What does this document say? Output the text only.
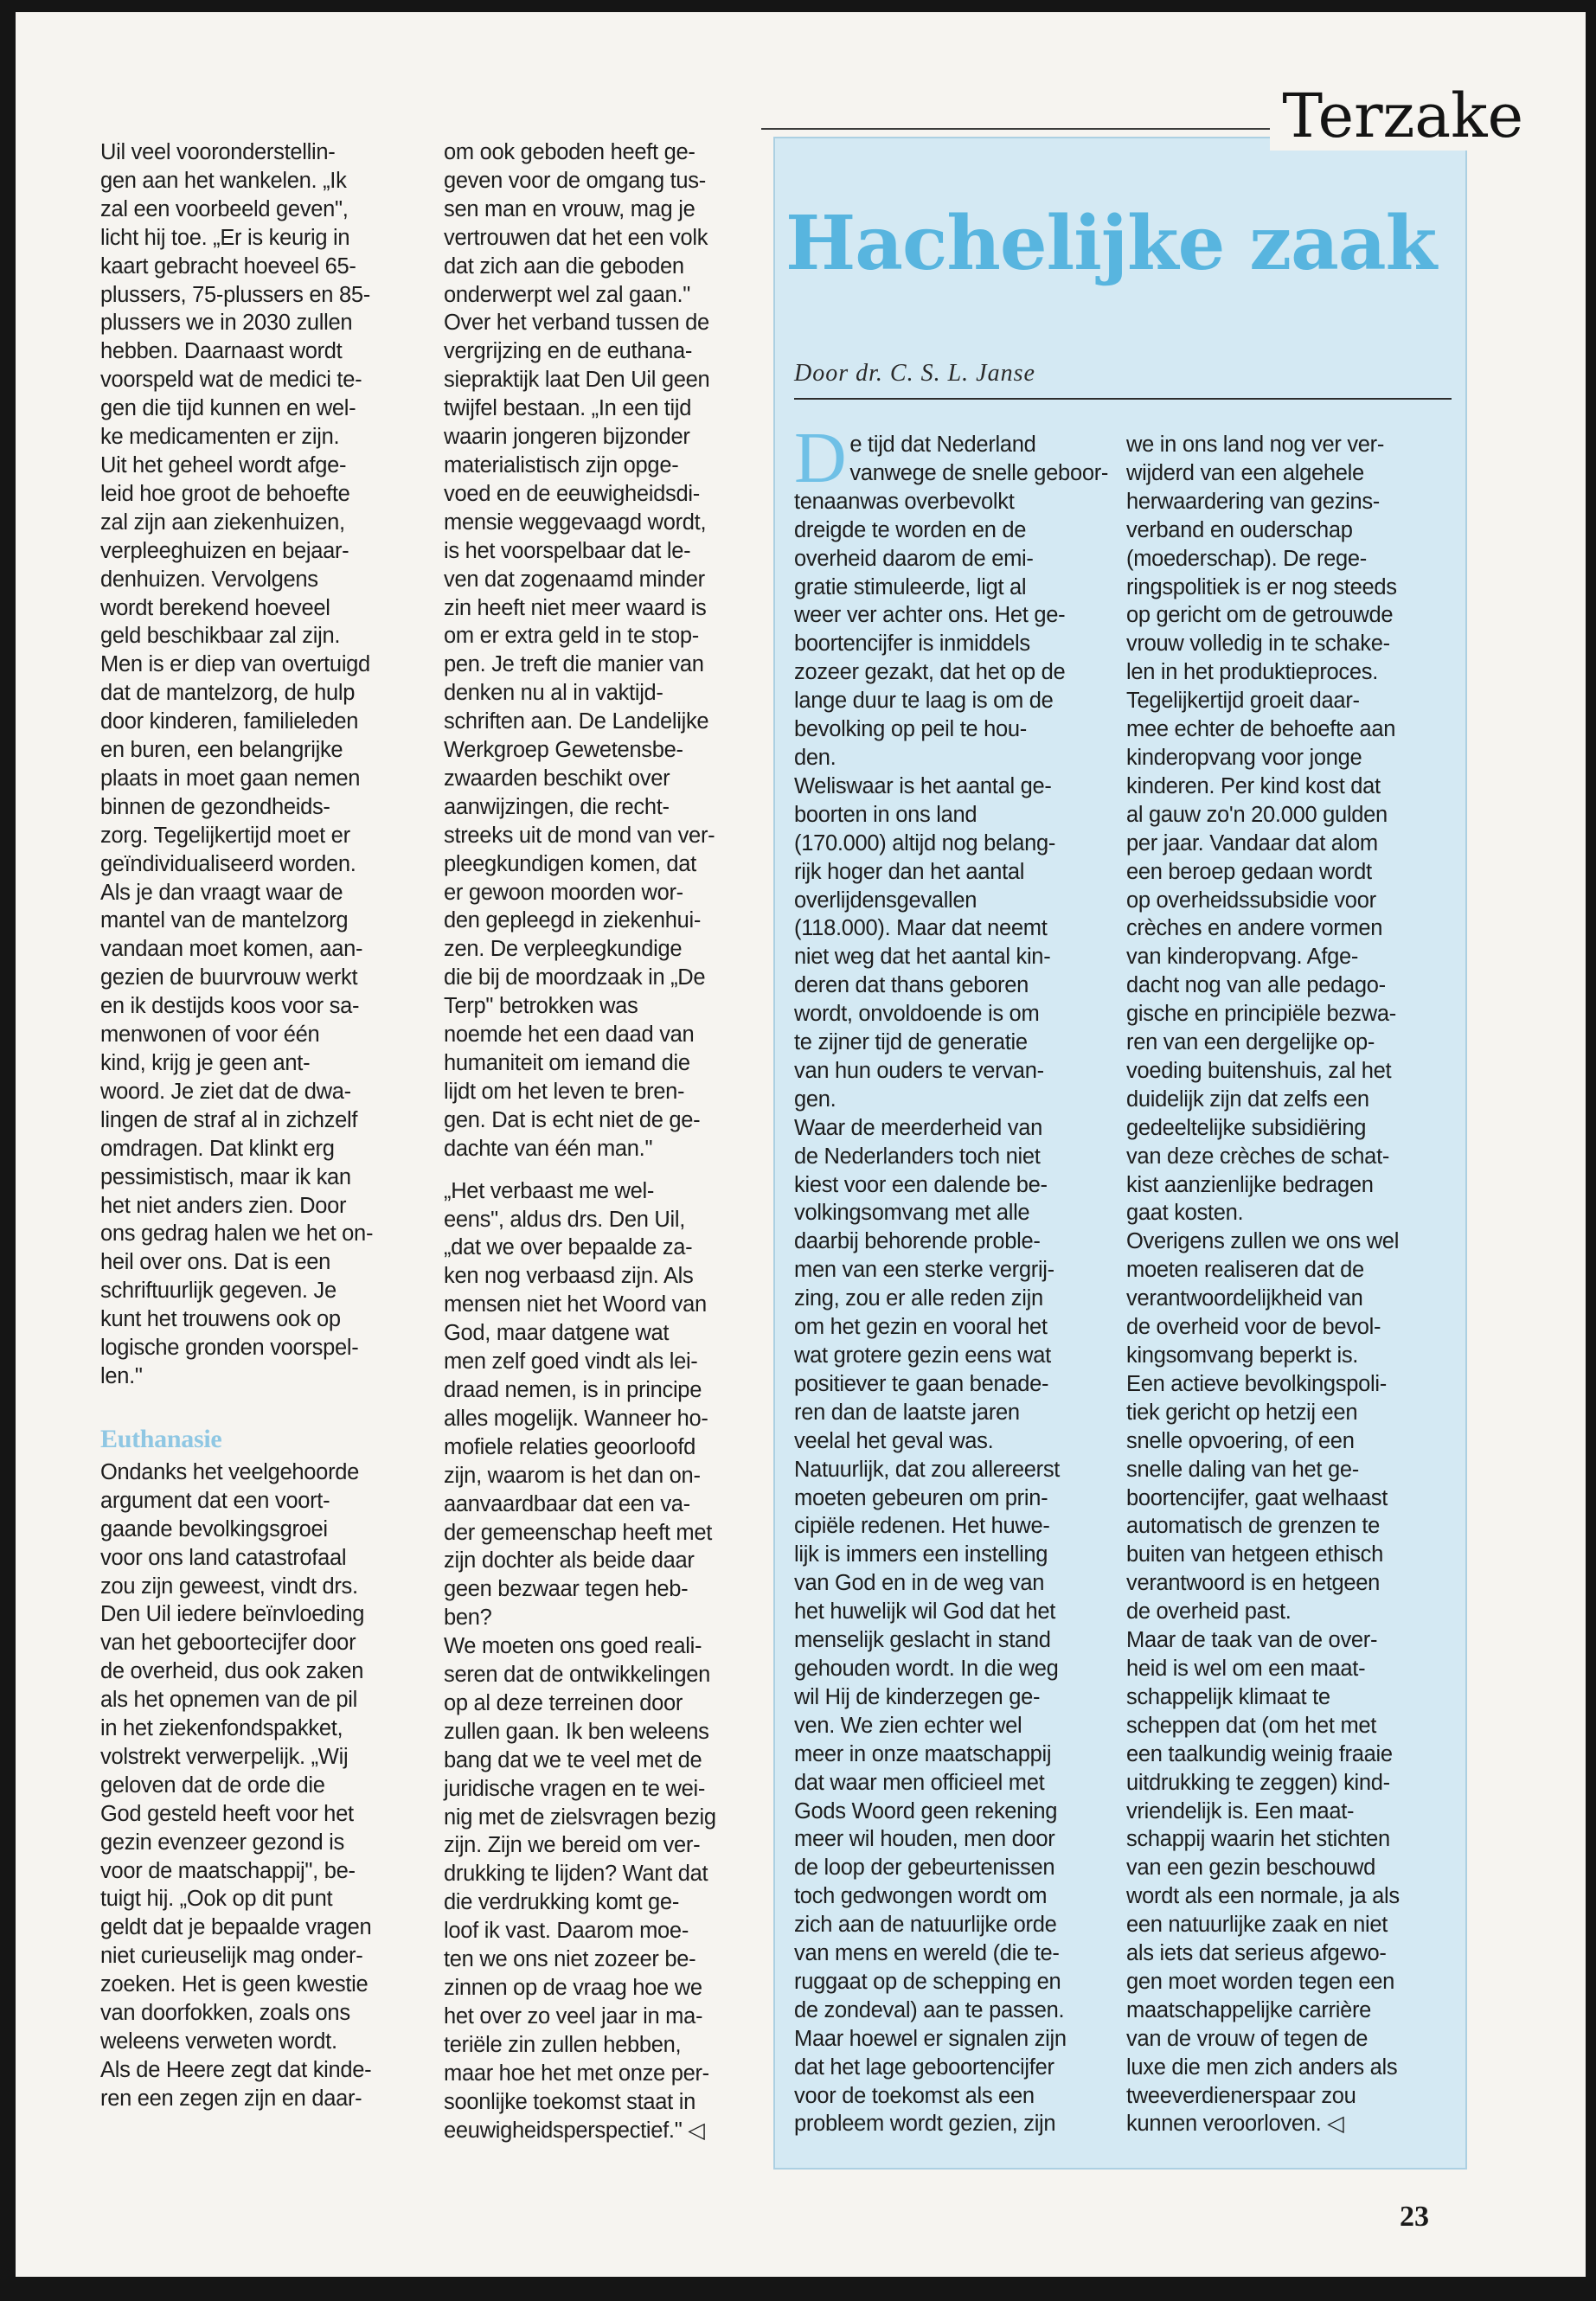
Terzake
Uil veel vooronderstellin-
gen aan het wankelen. „Ik
zal een voorbeeld geven",
licht hij toe. „Er is keurig in
kaart gebracht hoeveel 65-
plussers, 75-plussers en 85-
plussers we in 2030 zullen
hebben. Daarnaast wordt
voorspeld wat de medici te-
gen die tijd kunnen en wel-
ke medicamenten er zijn.
Uit het geheel wordt afge-
leid hoe groot de behoefte
zal zijn aan ziekenhuizen,
verpleeghuizen en bejaar-
denhuizen. Vervolgens
wordt berekend hoeveel
geld beschikbaar zal zijn.
Men is er diep van overtuigd
dat de mantelzorg, de hulp
door kinderen, familieleden
en buren, een belangrijke
plaats in moet gaan nemen
binnen de gezondheids-
zorg. Tegelijkertijd moet er
geïndividualiseerd worden.
Als je dan vraagt waar de
mantel van de mantelzorg
vandaan moet komen, aan-
gezien de buurvrouw werkt
en ik destijds koos voor sa-
menwonen of voor één
kind, krijg je geen ant-
woord. Je ziet dat de dwa-
lingen de straf al in zichzelf
omdragen. Dat klinkt erg
pessimistisch, maar ik kan
het niet anders zien. Door
ons gedrag halen we het on-
heil over ons. Dat is een
schriftuurlijk gegeven. Je
kunt het trouwens ook op
logische gronden voorspel-
len."
Euthanasie
Ondanks het veelgehoorde
argument dat een voort-
gaande bevolkingsgroei
voor ons land catastrofaal
zou zijn geweest, vindt drs.
Den Uil iedere beïnvloeding
van het geboortecijfer door
de overheid, dus ook zaken
als het opnemen van de pil
in het ziekenfondspakket,
volstrekt verwerpelijk. „Wij
geloven dat de orde die
God gesteld heeft voor het
gezin evenzeer gezond is
voor de maatschappij", be-
tuigt hij. „Ook op dit punt
geldt dat je bepaalde vragen
niet curieuselijk mag onder-
zoeken. Het is geen kwestie
van doorfokken, zoals ons
weleens verweten wordt.
Als de Heere zegt dat kinde-
ren een zegen zijn en daar-
om ook geboden heeft ge-
geven voor de omgang tus-
sen man en vrouw, mag je
vertrouwen dat het een volk
dat zich aan die geboden
onderwerpt wel zal gaan."
Over het verband tussen de
vergrijzing en de euthana-
siepraktijk laat Den Uil geen
twijfel bestaan. „In een tijd
waarin jongeren bijzonder
materialistisch zijn opge-
voed en de eeuwigheidsdi-
mensie weggevaagd wordt,
is het voorspelbaar dat le-
ven dat zogenaamd minder
zin heeft niet meer waard is
om er extra geld in te stop-
pen. Je treft die manier van
denken nu al in vaktijd-
schriften aan. De Landelijke
Werkgroep Gewetensbe-
zwaarden beschikt over
aanwijzingen, die recht-
streeks uit de mond van ver-
pleegkundigen komen, dat
er gewoon moorden wor-
den gepleegd in ziekenhui-
zen. De verpleegkundige
die bij de moordzaak in „De
Terp" betrokken was
noemde het een daad van
humaniteit om iemand die
lijdt om het leven te bren-
gen. Dat is echt niet de ge-
dachte van één man."
„Het verbaast me wel-
eens", aldus drs. Den Uil,
„dat we over bepaalde za-
ken nog verbaasd zijn. Als
mensen niet het Woord van
God, maar datgene wat
men zelf goed vindt als lei-
draad nemen, is in principe
alles mogelijk. Wanneer ho-
mofiele relaties geoorloofd
zijn, waarom is het dan on-
aanvaardbaar dat een va-
der gemeenschap heeft met
zijn dochter als beide daar
geen bezwaar tegen heb-
ben?
We moeten ons goed reali-
seren dat de ontwikkelingen
op al deze terreinen door
zullen gaan. Ik ben weleens
bang dat we te veel met de
juridische vragen en te wei-
nig met de zielsvragen bezig
zijn. Zijn we bereid om ver-
drukking te lijden? Want dat
die verdrukking komt ge-
loof ik vast. Daarom moe-
ten we ons niet zozeer be-
zinnen op de vraag hoe we
het over zo veel jaar in ma-
teriële zin zullen hebben,
maar hoe het met onze per-
soonlijke toekomst staat in
eeuwigheidsperspectief." ◁
Hachelijke zaak
Door dr. C. S. L. Janse
D e tijd dat Nederland
vanwege de snelle geboor-
tenaanwas overbevolkt
dreigde te worden en de
overheid daarom de emi-
gratie stimuleerde, ligt al
weer ver achter ons. Het ge-
boortencijfer is inmiddels
zozeer gezakt, dat het op de
lange duur te laag is om de
bevolking op peil te hou-
den.
Weliswaar is het aantal ge-
boorten in ons land
(170.000) altijd nog belang-
rijk hoger dan het aantal
overlijdensgevallen
(118.000). Maar dat neemt
niet weg dat het aantal kin-
deren dat thans geboren
wordt, onvoldoende is om
te zijner tijd de generatie
van hun ouders te vervan-
gen.
Waar de meerderheid van
de Nederlanders toch niet
kiest voor een dalende be-
volkingsomvang met alle
daarbij behorende proble-
men van een sterke vergrij-
zing, zou er alle reden zijn
om het gezin en vooral het
wat grotere gezin eens wat
positiever te gaan benade-
ren dan de laatste jaren
veelal het geval was.
Natuurlijk, dat zou allereerst
moeten gebeuren om prin-
cipiële redenen. Het huwe-
lijk is immers een instelling
van God en in de weg van
het huwelijk wil God dat het
menselijk geslacht in stand
gehouden wordt. In die weg
wil Hij de kinderzegen ge-
ven. We zien echter wel
meer in onze maatschappij
dat waar men officieel met
Gods Woord geen rekening
meer wil houden, men door
de loop der gebeurtenissen
toch gedwongen wordt om
zich aan de natuurlijke orde
van mens en wereld (die te-
ruggaat op de schepping en
de zondeval) aan te passen.
Maar hoewel er signalen zijn
dat het lage geboortencijfer
voor de toekomst als een
probleem wordt gezien, zijn
we in ons land nog ver ver-
wijderd van een algehele
herwaardering van gezins-
verband en ouderschap
(moederschap). De rege-
ringspolitiek is er nog steeds
op gericht om de getrouwde
vrouw volledig in te schake-
len in het produktieproces.
Tegelijkertijd groeit daar-
mee echter de behoefte aan
kinderopvang voor jonge
kinderen. Per kind kost dat
al gauw zo'n 20.000 gulden
per jaar. Vandaar dat alom
een beroep gedaan wordt
op overheidssubsidie voor
crèches en andere vormen
van kinderopvang. Afge-
dacht nog van alle pedago-
gische en principiële bezwa-
ren van een dergelijke op-
voeding buitenshuis, zal het
duidelijk zijn dat zelfs een
gedeeltelijke subsidiëring
van deze crèches de schat-
kist aanzienlijke bedragen
gaat kosten.
Overigens zullen we ons wel
moeten realiseren dat de
verantwoordelijkheid van
de overheid voor de bevol-
kingsomvang beperkt is.
Een actieve bevolkingspoli-
tiek gericht op hetzij een
snelle opvoering, of een
snelle daling van het ge-
boortencijfer, gaat welhaast
automatisch de grenzen te
buiten van hetgeen ethisch
verantwoord is en hetgeen
de overheid past.
Maar de taak van de over-
heid is wel om een maat-
schappelijk klimaat te
scheppen dat (om het met
een taalkundig weinig fraaie
uitdrukking te zeggen) kind-
vriendelijk is. Een maat-
schappij waarin het stichten
van een gezin beschouwd
wordt als een normale, ja als
een natuurlijke zaak en niet
als iets dat serieus afgewo-
gen moet worden tegen een
maatschappelijke carrière
van de vrouw of tegen de
luxe die men zich anders als
tweeverdienerspaar zou
kunnen veroorloven. ◁
23
